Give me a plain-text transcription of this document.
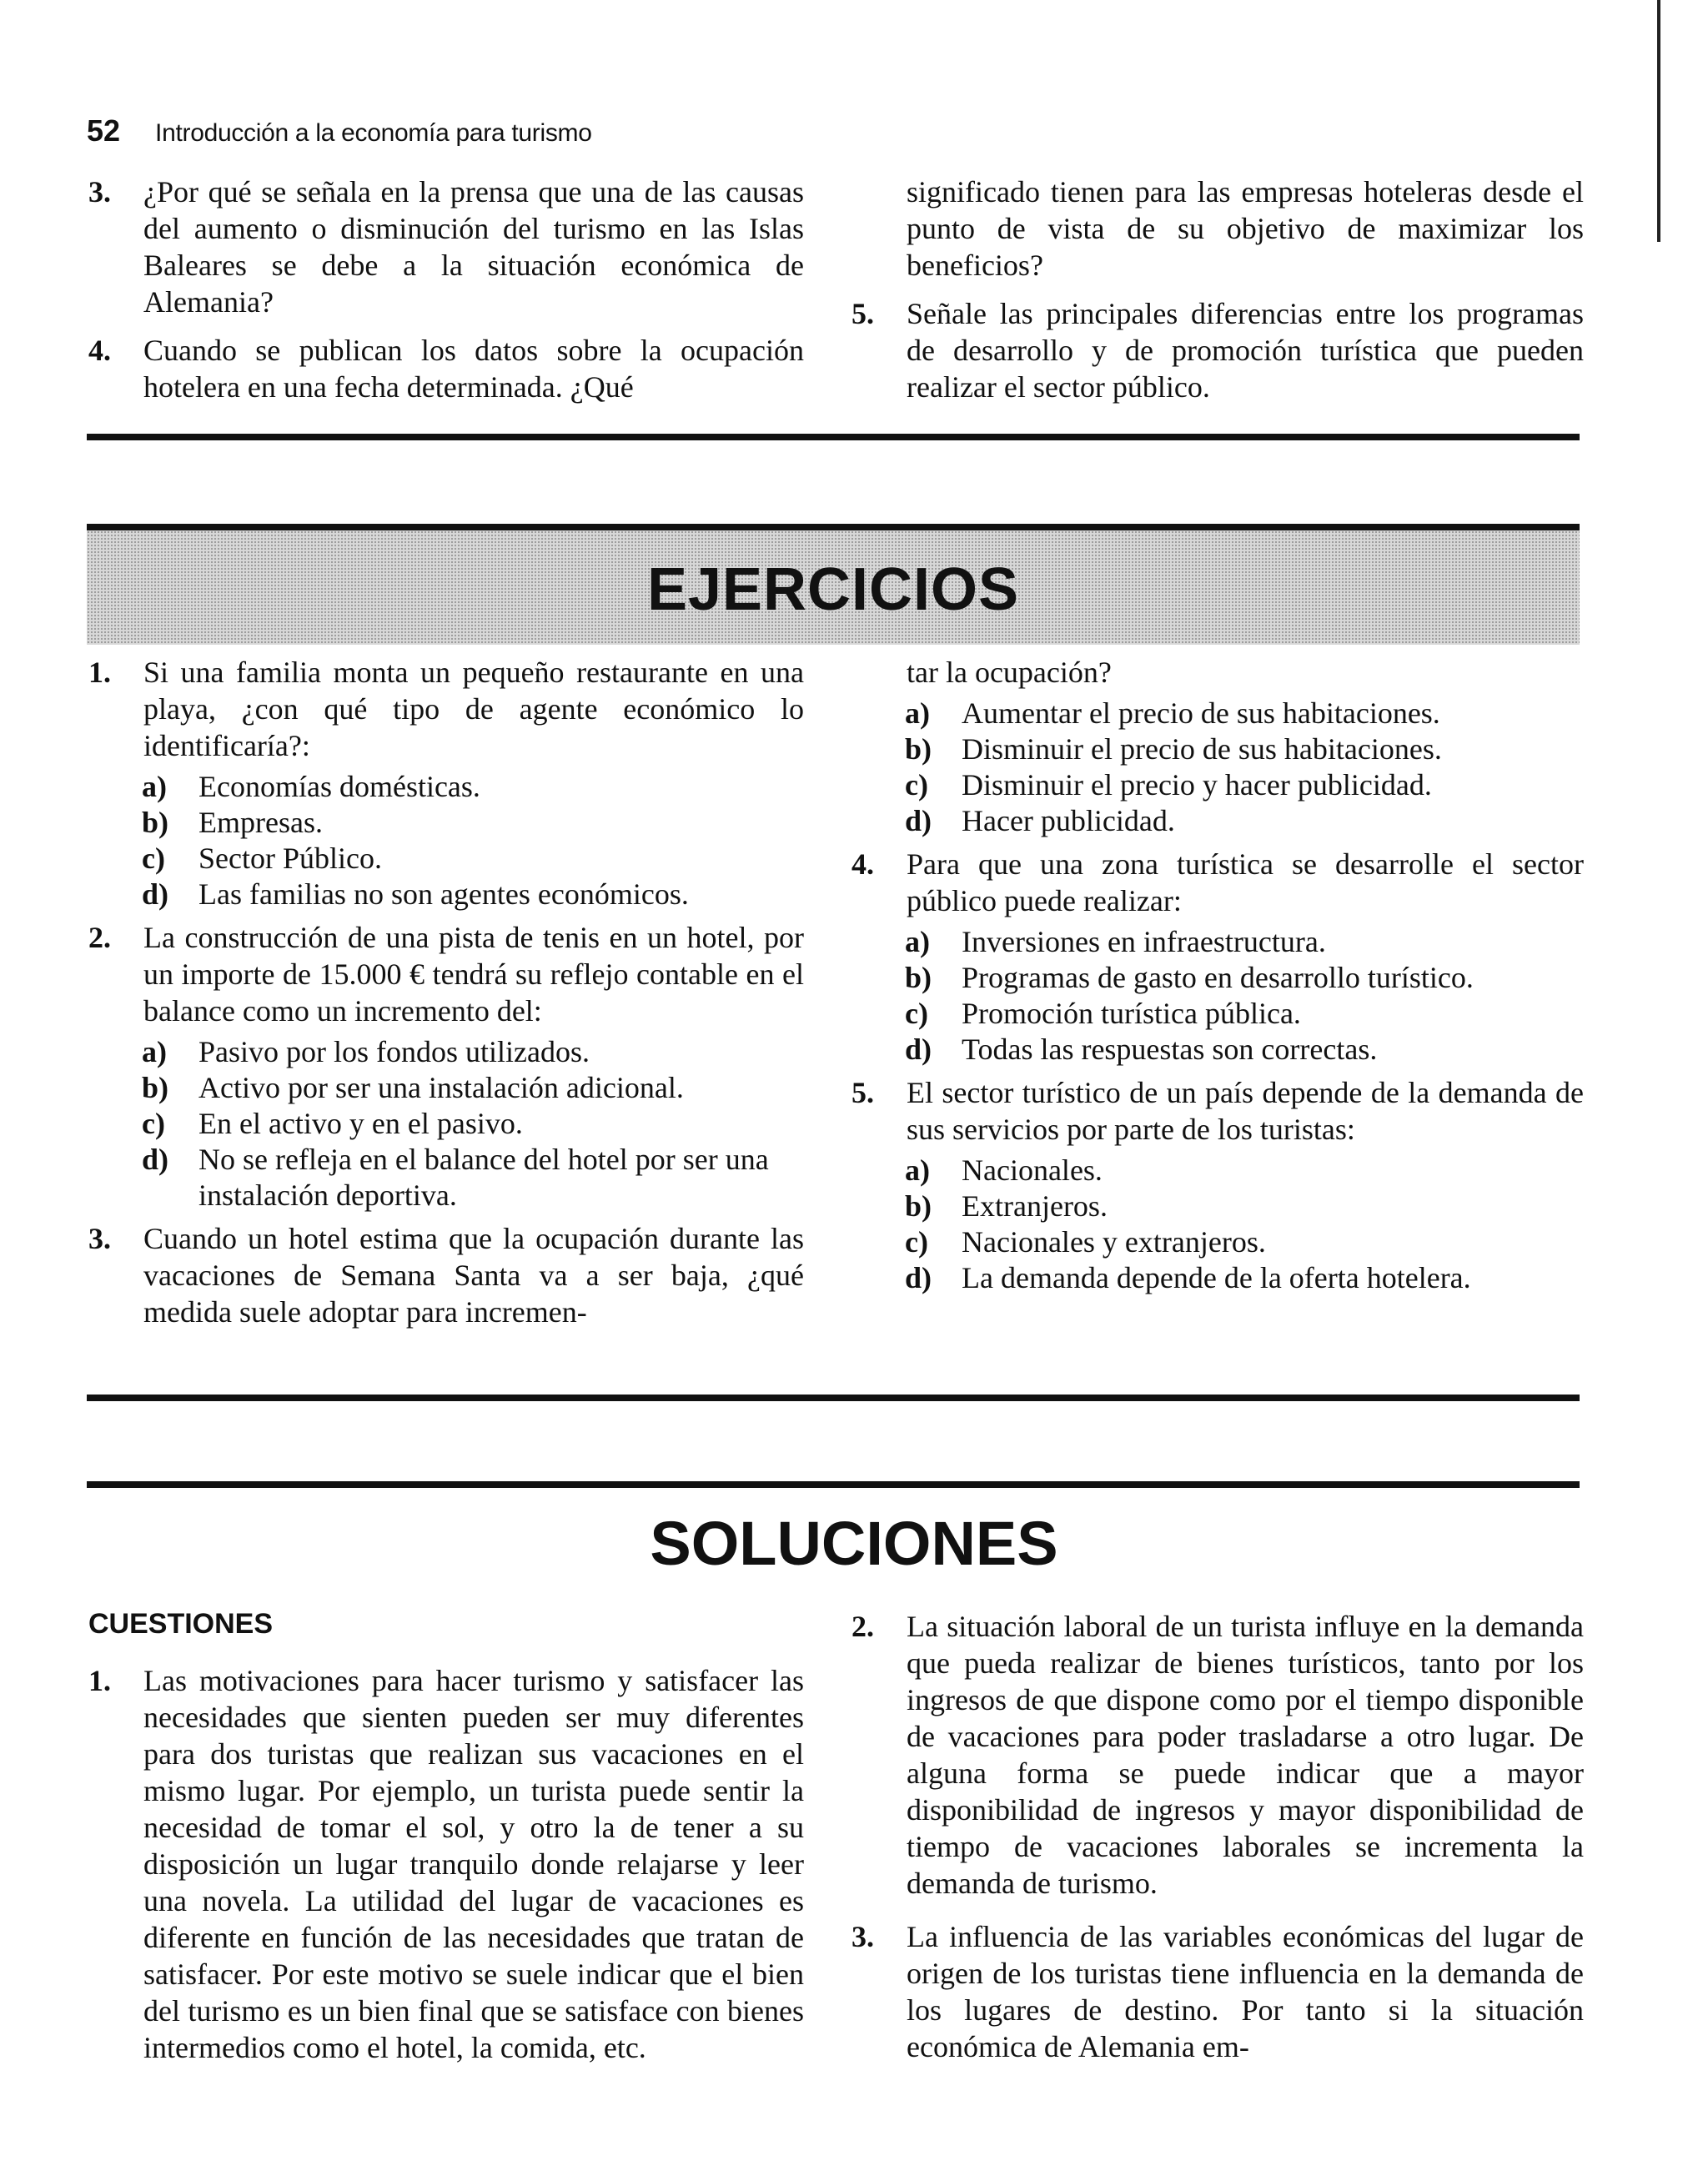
52 Introducción a la economía para turismo
3.	¿Por qué se señala en la prensa que una de las causas del aumento o disminución del turismo en las Islas Baleares se debe a la situación económica de Alemania?
4.	Cuando se publican los datos sobre la ocupación hotelera en una fecha determinada. ¿Qué
significado tienen para las empresas hoteleras desde el punto de vista de su objetivo de maximizar los beneficios?
5.	Señale las principales diferencias entre los programas de desarrollo y de promoción turística que pueden realizar el sector público.
EJERCICIOS
1.	Si una familia monta un pequeño restaurante en una playa, ¿con qué tipo de agente económico lo identificaría?:
a)	Economías domésticas.
b) Empresas.
c)	Sector Público.
d) Las familias no son agentes económicos.
2.	La construcción de una pista de tenis en un hotel, por un importe de 15.000 € tendrá su reflejo contable en el balance como un incremento del:
a)	Pasivo por los fondos utilizados.
b) Activo por ser una instalación adicional.
c)	En el activo y en el pasivo.
d) No se refleja en el balance del hotel por ser una instalación deportiva.
3.	Cuando un hotel estima que la ocupación durante las vacaciones de Semana Santa va a ser baja, ¿qué medida suele adoptar para incremen-
tar la ocupación?
a)	Aumentar el precio de sus habitaciones.
b) Disminuir el precio de sus habitaciones.
c)	Disminuir el precio y hacer publicidad.
d) Hacer publicidad.
4.	Para que una zona turística se desarrolle el sector público puede realizar:
a)	Inversiones en infraestructura.
b) Programas de gasto en desarrollo turístico.
c)	Promoción turística pública.
d) Todas las respuestas son correctas.
5.	El sector turístico de un país depende de la demanda de sus servicios por parte de los turistas:
a)	Nacionales.
b) Extranjeros.
c)	Nacionales y extranjeros.
d) La demanda depende de la oferta hotelera.
SOLUCIONES
CUESTIONES
1.	Las motivaciones para hacer turismo y satisfacer las necesidades que sienten pueden ser muy diferentes para dos turistas que realizan sus vacaciones en el mismo lugar. Por ejemplo, un turista puede sentir la necesidad de tomar el sol, y otro la de tener a su disposición un lugar tranquilo donde relajarse y leer una novela. La utilidad del lugar de vacaciones es diferente en función de las necesidades que tratan de satisfacer. Por este motivo se suele indicar que el bien del turismo es un bien final que se satisface con bienes intermedios como el hotel, la comida, etc.
2.	La situación laboral de un turista influye en la demanda que pueda realizar de bienes turísticos, tanto por los ingresos de que dispone como por el tiempo disponible de vacaciones para poder trasladarse a otro lugar. De alguna forma se puede indicar que a mayor disponibilidad de ingresos y mayor disponibilidad de tiempo de vacaciones laborales se incrementa la demanda de turismo.
3.	La influencia de las variables económicas del lugar de origen de los turistas tiene influencia en la demanda de los lugares de destino. Por tanto si la situación económica de Alemania em-
